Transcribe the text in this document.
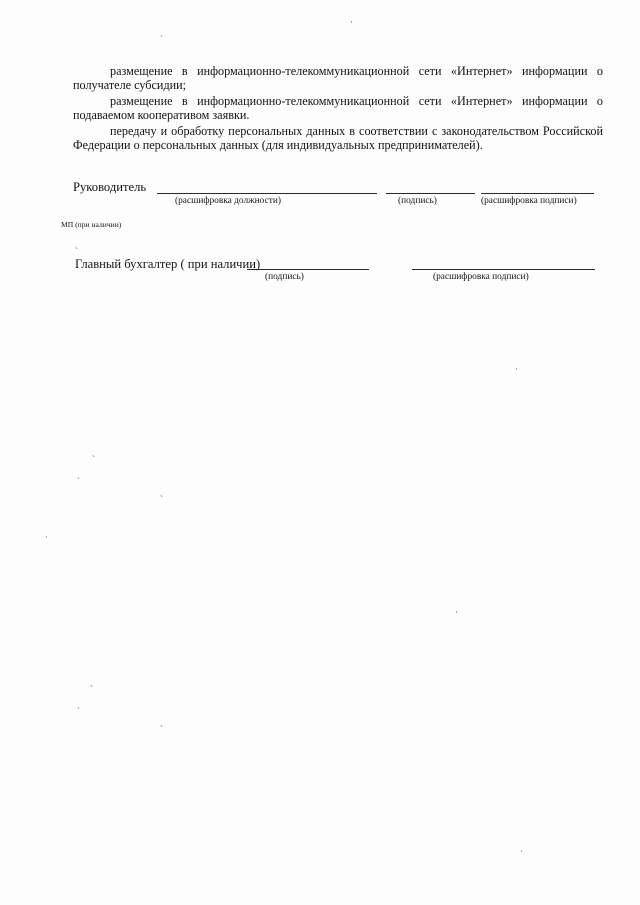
размещение в информационно-телекоммуникационной сети «Интернет» информации о получателе субсидии;

размещение в информационно-телекоммуникационной сети «Интернет» информации о подаваемом кооперативом заявки.

передачу и обработку персональных данных в соответствии с законодательством Российской Федерации о персональных данных (для индивидуальных предпринимателей).

Руководитель
(расшифровка должности)	(подпись)	(расшифровка подписи)
МП (при наличии)
Главный бухгалтер ( при наличии)
(подпись)	(расшифровка подписи)
ˏ
·
ˏ
ˏ
ˏ
ˏ
·
ˏ
ˏ
ˏ
·
·
·
